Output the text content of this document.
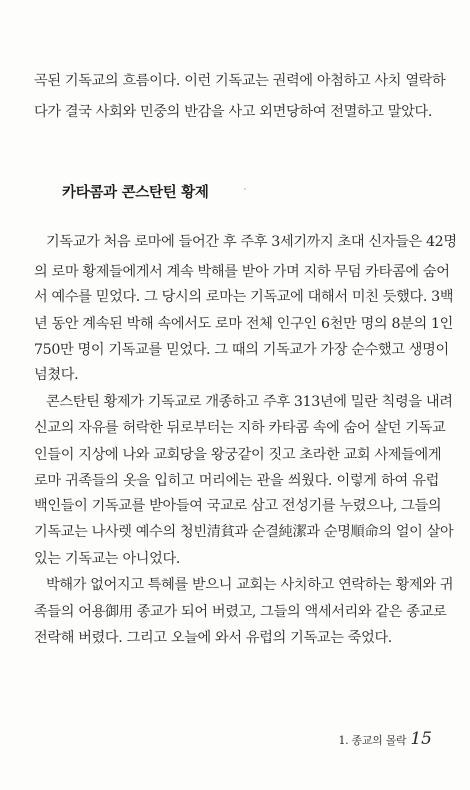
곡된 기독교의 흐름이다. 이런 기독교는 권력에 아첨하고 사치 열락하
다가 결국 사회와 민중의 반감을 사고 외면당하여 전멸하고 말았다.
카타콤과 콘스탄틴 황제
기독교가 처음 로마에 들어간 후 주후 3세기까지 초대 신자들은 42명
의 로마 황제들에게서 계속 박해를 받아 가며 지하 무덤 카타콤에 숨어
서 예수를 믿었다. 그 당시의 로마는 기독교에 대해서 미친 듯했다. 3백
년 동안 계속된 박해 속에서도 로마 전체 인구인 6천만 명의 8분의 1인
750만 명이 기독교를 믿었다. 그 때의 기독교가 가장 순수했고 생명이
넘쳤다.
콘스탄틴 황제가 기독교로 개종하고 주후 313년에 밀란 칙령을 내려
신교의 자유를 허락한 뒤로부터는 지하 카타콤 속에 숨어 살던 기독교
인들이 지상에 나와 교회당을 왕궁같이 짓고 초라한 교회 사제들에게
로마 귀족들의 옷을 입히고 머리에는 관을 씌웠다. 이렇게 하여 유럽
백인들이 기독교를 받아들여 국교로 삼고 전성기를 누렸으나, 그들의
기독교는 나사렛 예수의 청빈清貧과 순결純潔과 순명順命의 얼이 살아
있는 기독교는 아니었다.
박해가 없어지고 특혜를 받으니 교회는 사치하고 연락하는 황제와 귀
족들의 어용御用 종교가 되어 버렸고, 그들의 액세서리와 같은 종교로
전락해 버렸다. 그리고 오늘에 와서 유럽의 기독교는 죽었다.
1. 종교의 몰락 15
